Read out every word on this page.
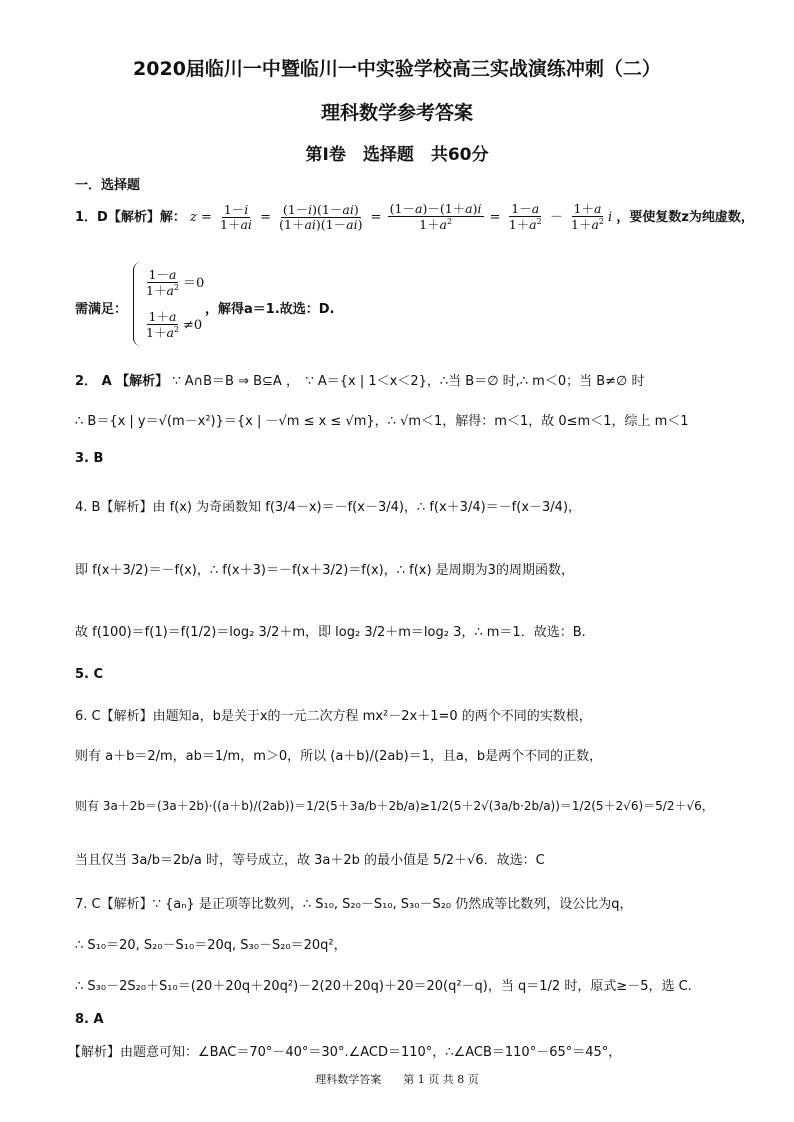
2020届临川一中暨临川一中实验学校高三实战演练冲刺（二）
理科数学参考答案
第Ⅰ卷　选择题　共60分
一．选择题
1．D【解析】解： $z = \frac{1-i}{1+ai} = \frac{(1-i)(1-ai)}{(1+ai)(1-ai)} = \frac{(1-a)-(1+a)i}{1+a^2} = \frac{1-a}{1+a^2} - \frac{1+a}{1+a^2}$ i ，要使复数z为纯虚数，
需满足：
$\frac{1-a}{1+a^2} =0$
$\frac{1+a}{1+a^2} \ne 0$
，解得a＝1.故选：D.
2． A 【解析】 ∵ A∩B＝B ⇒ B⊆A ，　∵ A＝{x | 1＜x＜2}，∴当 B＝∅ 时,∴ m＜0；当 B≠∅ 时
∴ B＝{x | y＝√(m－x²)}＝{x | －√m ≤ x ≤ √m}，∴ √m＜1，解得：m＜1，故 0≤m＜1，综上 m＜1
3. B
4. B【解析】由 f(x) 为奇函数知 f(3/4－x)＝－f(x－3/4)，∴ f(x＋3/4)＝－f(x－3/4)，
即 f(x＋3/2)＝－f(x)，∴ f(x＋3)＝－f(x＋3/2)＝f(x)，∴ f(x) 是周期为3的周期函数，
故 f(100)＝f(1)＝f(1/2)＝log₂ 3/2＋m，即 log₂ 3/2＋m＝log₂ 3，∴ m＝1．故选：B.
5. C
6. C【解析】由题知a，b是关于x的一元二次方程 mx²－2x＋1=0 的两个不同的实数根，
则有 a＋b＝2/m，ab＝1/m，m＞0，所以 (a＋b)/(2ab)＝1，且a，b是两个不同的正数，
则有 3a＋2b＝(3a＋2b)·((a＋b)/(2ab))＝1/2(5＋3a/b＋2b/a)≥1/2(5＋2√(3a/b·2b/a))＝1/2(5＋2√6)＝5/2＋√6，
当且仅当 3a/b＝2b/a 时，等号成立，故 3a＋2b 的最小值是 5/2＋√6．故选：C
7. C【解析】∵ {aₙ} 是正项等比数列，∴ S₁₀, S₂₀－S₁₀, S₃₀－S₂₀ 仍然成等比数列，设公比为q，
∴ S₁₀＝20, S₂₀－S₁₀＝20q, S₃₀－S₂₀＝20q²，
∴ S₃₀－2S₂₀＋S₁₀＝(20＋20q＋20q²)－2(20＋20q)＋20＝20(q²－q)，当 q＝1/2 时，原式≥－5，选 C.
8. A
【解析】由题意可知：∠BAC＝70°－40°＝30°.∠ACD＝110°，∴∠ACB＝110°－65°＝45°，
理科数学答案　　第 1 页 共 8 页
